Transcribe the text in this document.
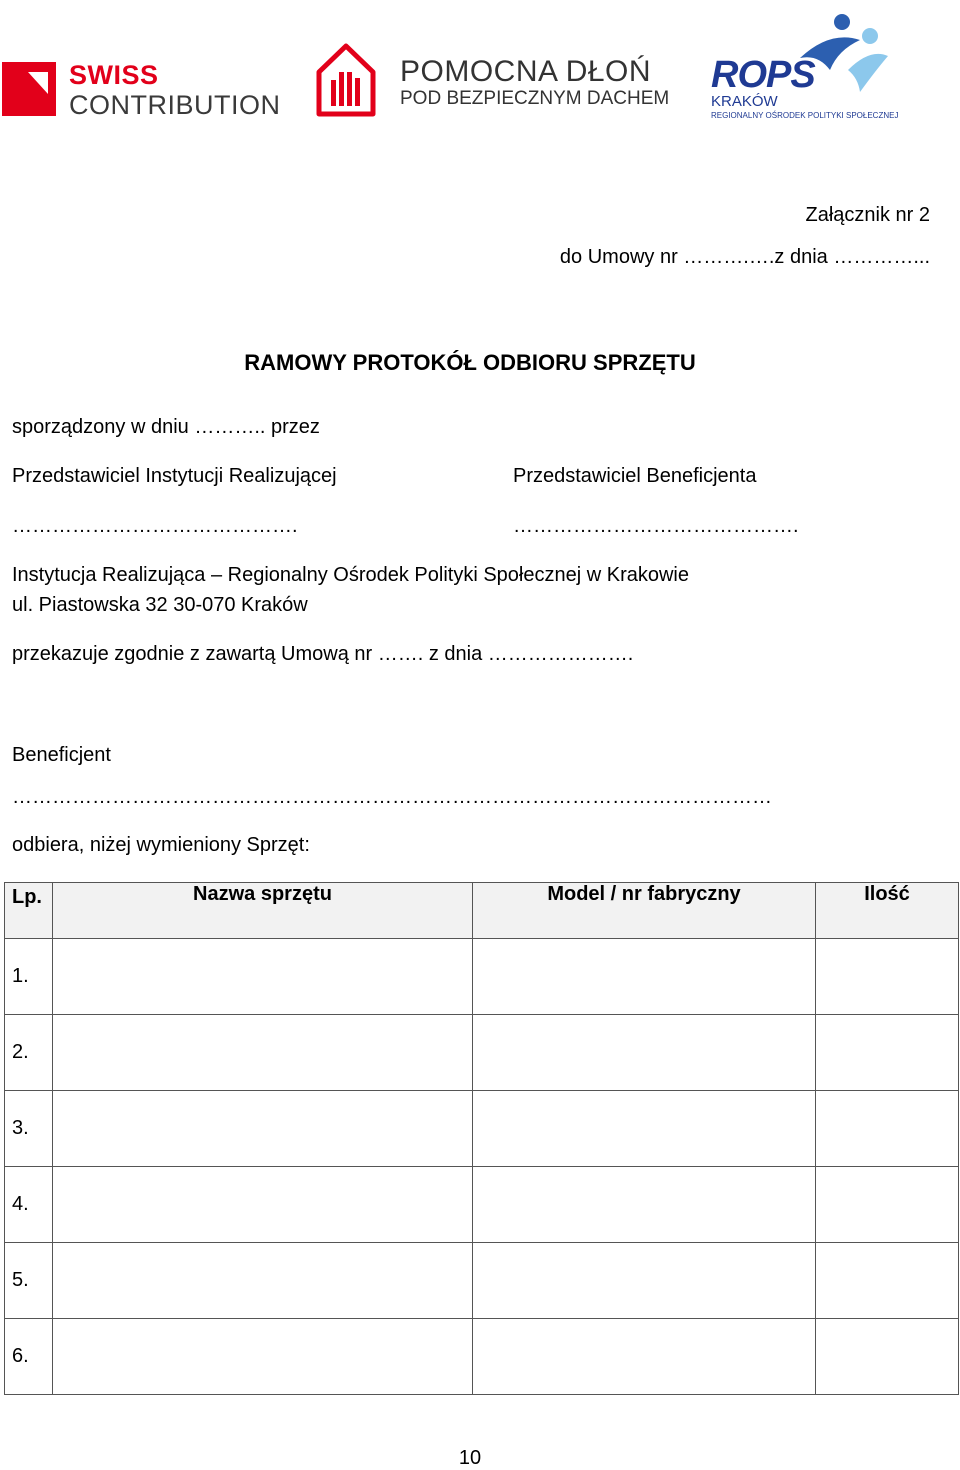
SWISS
CONTRIBUTION
POMOCNA DŁOŃ
POD BEZPIECZNYM DACHEM
ROPS
KRAKÓW
REGIONALNY OŚRODEK POLITYKI SPOŁECZNEJ
Załącznik nr 2
do Umowy nr ……….….z dnia …………...
RAMOWY PROTOKÓŁ ODBIORU SPRZĘTU
sporządzony w dniu ……….. przez
Przedstawiciel Instytucji Realizującej	Przedstawiciel Beneficjenta
…………………………………….	…………………………………….
Instytucja Realizująca – Regionalny Ośrodek Polityki Społecznej w Krakowie
ul. Piastowska 32 30-070 Kraków
przekazuje zgodnie z zawartą Umową nr ……. z dnia ………………….
Beneficjent
……………………………………………………………………………………………………
odbiera, niżej wymieniony Sprzęt:
Lp.	Nazwa sprzętu	Model / nr fabryczny	Ilość
1.			
2.			
3.			
4.			
5.			
6.			
10
